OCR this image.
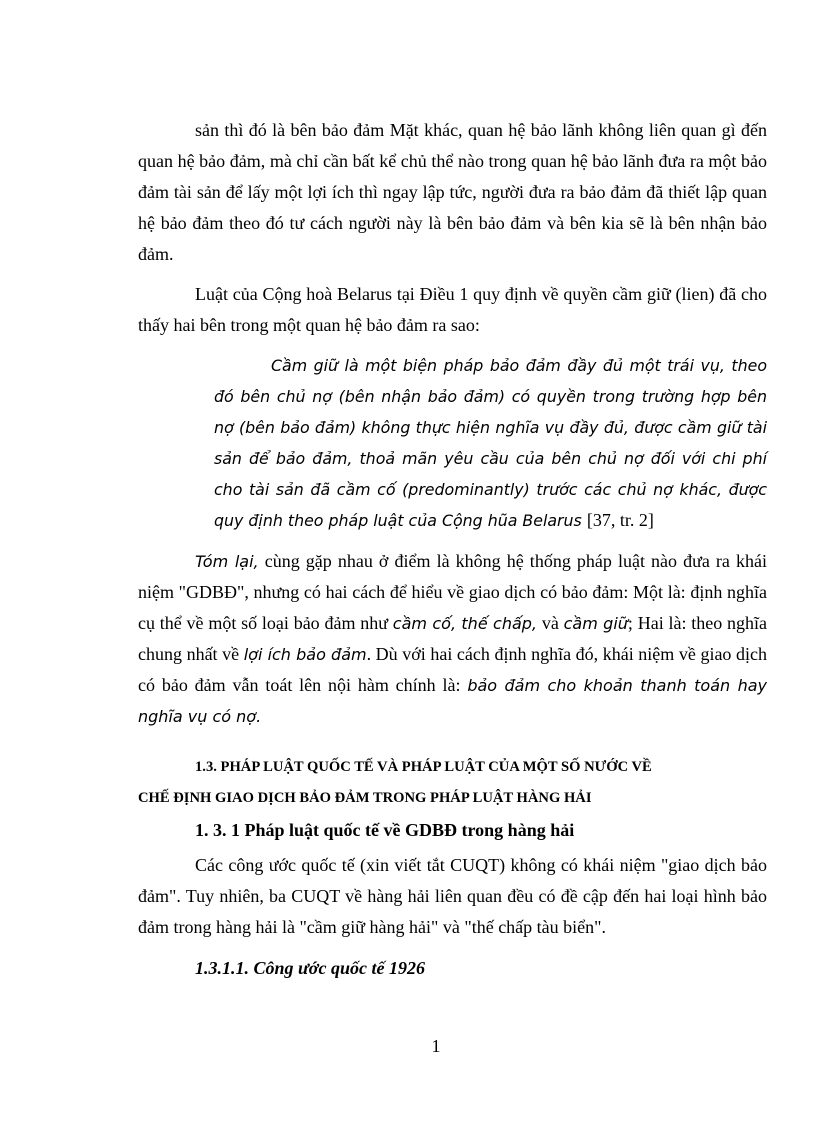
sản thì đó là bên bảo đảm Mặt khác, quan hệ bảo lãnh không liên quan gì đến quan hệ bảo đảm, mà chỉ cần bất kể chủ thể nào trong quan hệ bảo lãnh đưa ra một bảo đảm tài sản để lấy một lợi ích thì ngay lập tức, người đưa ra bảo đảm đã thiết lập quan hệ bảo đảm theo đó tư cách người này là bên bảo đảm và bên kia sẽ là bên nhận bảo đảm.

Luật của Cộng hoà Belarus tại Điều 1 quy định về quyền cầm giữ (lien) đã cho thấy hai bên trong một quan hệ bảo đảm ra sao:

Cầm giữ là một biện pháp bảo đảm đầy đủ một trái vụ, theo đó bên chủ nợ (bên nhận bảo đảm) có quyền trong trường hợp bên nợ (bên bảo đảm) không thực hiện nghĩa vụ đầy đủ, được cầm giữ tài sản để bảo đảm, thoả mãn yêu cầu của bên chủ nợ đối với chi phí cho tài sản đã cầm cố (predominantly) trước các chủ nợ khác, được quy định theo pháp luật của Cộng hũa Belarus [37, tr. 2]

Tóm lại, cùng gặp nhau ở điểm là không hệ thống pháp luật nào đưa ra khái niệm "GDBĐ", nhưng có hai cách để hiểu về giao dịch có bảo đảm: Một là: định nghĩa cụ thể về một số loại bảo đảm như cầm cố, thế chấp, và cầm giữ; Hai là: theo nghĩa chung nhất về lợi ích bảo đảm. Dù với hai cách định nghĩa đó, khái niệm về giao dịch có bảo đảm vẫn toát lên nội hàm chính là: bảo đảm cho khoản thanh toán hay nghĩa vụ có nợ.

1.3. PHÁP LUẬT QUỐC TẾ VÀ PHÁP LUẬT CỦA MỘT SỐ NƯỚC VỀ
CHẾ ĐỊNH GIAO DỊCH BẢO ĐẢM TRONG PHÁP LUẬT HÀNG HẢI

1. 3. 1 Pháp luật quốc tế về GDBĐ trong hàng hải

Các công ước quốc tế (xin viết tắt CUQT) không có khái niệm "giao dịch bảo đảm". Tuy nhiên, ba CUQT về hàng hải liên quan đều có đề cập đến hai loại hình bảo đảm trong hàng hải là "cầm giữ hàng hải" và "thế chấp tàu biển".

1.3.1.1. Công ước quốc tế 1926

1
